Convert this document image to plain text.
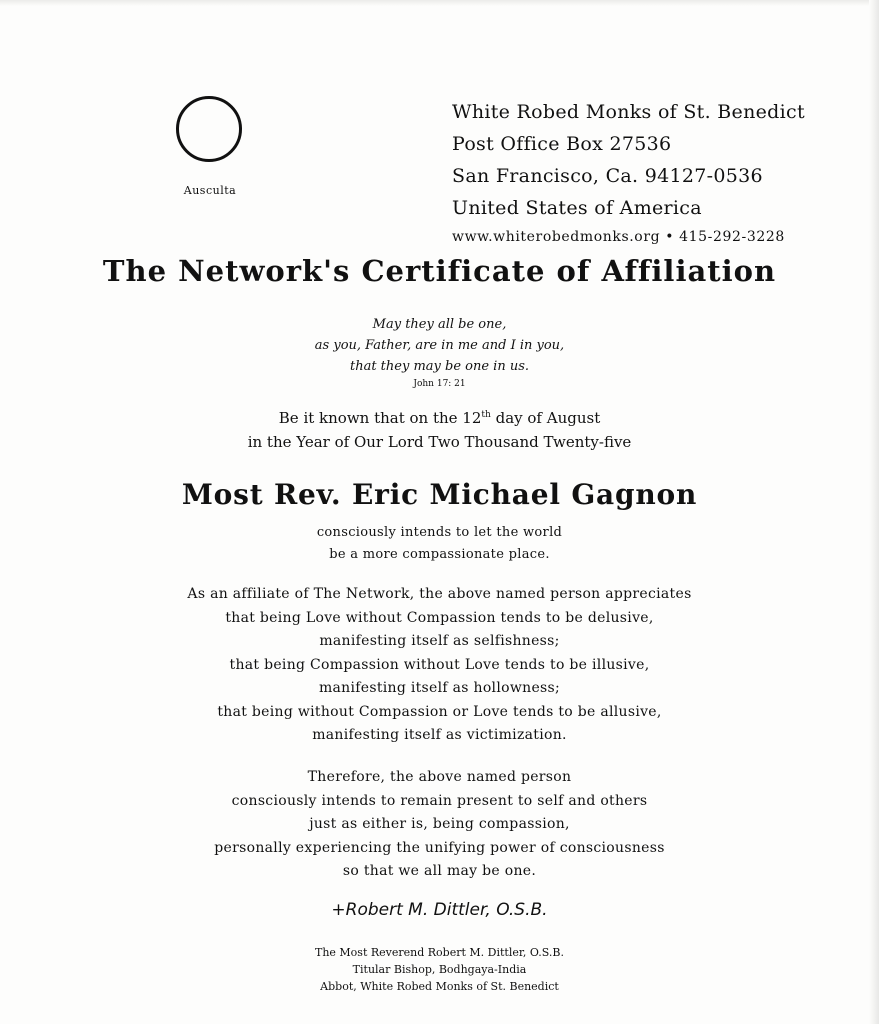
Ausculta
White Robed Monks of St. Benedict
Post Office Box 27536
San Francisco, Ca. 94127-0536
United States of America
www.whiterobedmonks.org • 415-292-3228
The Network's Certificate of Affiliation
May they all be one,
as you, Father, are in me and I in you,
that they may be one in us.
John 17: 21
Be it known that on the 12th day of August
in the Year of Our Lord Two Thousand Twenty-five
Most Rev. Eric Michael Gagnon
consciously intends to let the world
be a more compassionate place.
As an affiliate of The Network, the above named person appreciates
that being Love without Compassion tends to be delusive,
manifesting itself as selfishness;
that being Compassion without Love tends to be illusive,
manifesting itself as hollowness;
that being without Compassion or Love tends to be allusive,
manifesting itself as victimization.
Therefore, the above named person
consciously intends to remain present to self and others
just as either is, being compassion,
personally experiencing the unifying power of consciousness
so that we all may be one.
+Robert M. Dittler, O.S.B.
The Most Reverend Robert M. Dittler, O.S.B.
Titular Bishop, Bodhgaya-India
Abbot, White Robed Monks of St. Benedict
